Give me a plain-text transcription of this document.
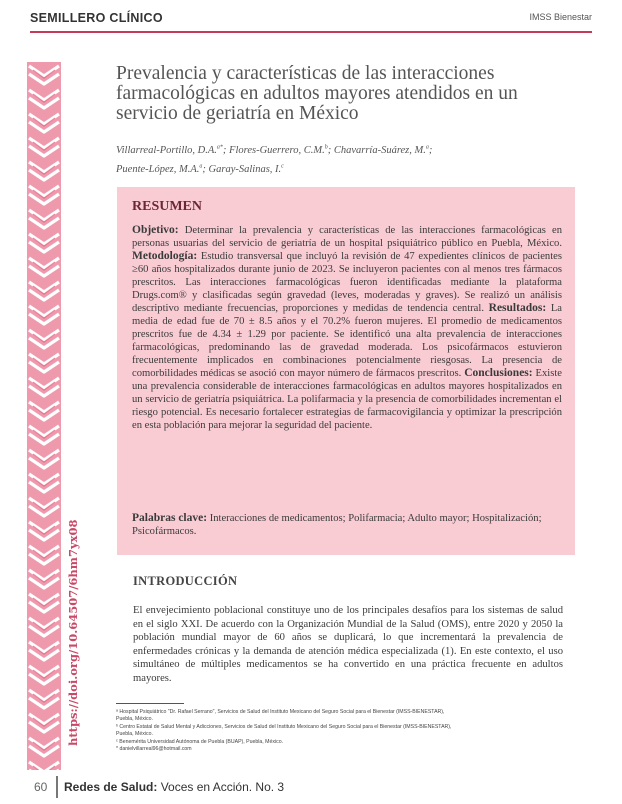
SEMILLERO CLÍNICO	IMSS Bienestar
https://doi.org/10.64507/6hm7yx08
Prevalencia y características de las interacciones farmacológicas en adultos mayores atendidos en un servicio de geriatría en México

Villarreal-Portillo, D.A.$^{a*}$; Flores-Guerrero, C.M.$^b$; Chavarría-Suárez, M.$^a$;
Puente-López, M.A.$^a$; Garay-Salinas, I.$^c$

RESUMEN

Objetivo: Determinar la prevalencia y características de las interacciones farmacológicas en personas usuarias del servicio de geriatría de un hospital psiquiátrico público en Puebla, México. Metodología: Estudio transversal que incluyó la revisión de 47 expedientes clínicos de pacientes ≥60 años hospitalizados durante junio de 2023. Se incluyeron pacientes con al menos tres fármacos prescritos. Las interacciones farmacológicas fueron identificadas mediante la plataforma Drugs.com® y clasificadas según gravedad (leves, moderadas y graves). Se realizó un análisis descriptivo mediante frecuencias, proporciones y medidas de tendencia central. Resultados: La media de edad fue de 70 ± 8.5 años y el 70.2% fueron mujeres. El promedio de medicamentos prescritos fue de 4.34 ± 1.29 por paciente. Se identificó una alta prevalencia de interacciones farmacológicas, predominando las de gravedad moderada. Los psicofármacos estuvieron frecuentemente implicados en combinaciones potencialmente riesgosas. La presencia de comorbilidades médicas se asoció con mayor número de fármacos prescritos. Conclusiones: Existe una prevalencia considerable de interacciones farmacológicas en adultos mayores hospitalizados en un servicio de geriatría psiquiátrica. La polifarmacia y la presencia de comorbilidades incrementan el riesgo potencial. Es necesario fortalecer estrategias de farmacovigilancia y optimizar la prescripción en esta población para mejorar la seguridad del paciente.

Palabras clave: Interacciones de medicamentos; Polifarmacia; Adulto mayor; Hospitalización; Psicofármacos.

INTRODUCCIÓN

El envejecimiento poblacional constituye uno de los principales desafíos para los sistemas de salud en el siglo XXI. De acuerdo con la Organización Mundial de la Salud (OMS), entre 2020 y 2050 la población mundial mayor de 60 años se duplicará, lo que incrementará la prevalencia de enfermedades crónicas y la demanda de atención médica especializada (1). En este contexto, el uso simultáneo de múltiples medicamentos se ha convertido en una práctica frecuente en adultos mayores.

ᵃ Hospital Psiquiátrico "Dr. Rafael Serrano", Servicios de Salud del Instituto Mexicano del Seguro Social para el Bienestar (IMSS-BIENESTAR),
Puebla, México.
ᵇ Centro Estatal de Salud Mental y Adicciones, Servicios de Salud del Instituto Mexicano del Seguro Social para el Bienestar (IMSS-BIENESTAR),
Puebla, México.
ᶜ Benemérita Universidad Autónoma de Puebla (BUAP), Puebla, México.
* danielvillarreal96@hotmail.com
60 Redes de Salud: Voces en Acción. No. 3
